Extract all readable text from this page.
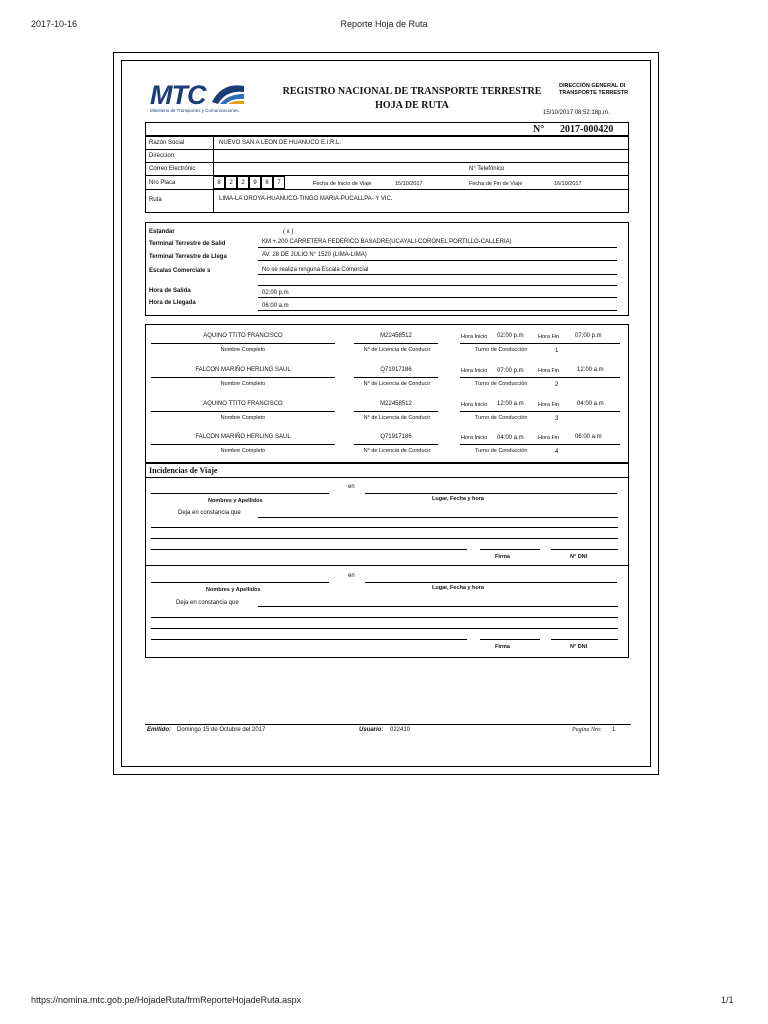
2017-10-16	Reporte Hoja de Ruta
https://nomina.mtc.gob.pe/HojadeRuta/frmReporteHojadeRuta.aspx	1/1
MTC
Ministerio de Transportes y Comunicaciones
REGISTRO NACIONAL DE TRANSPORTE TERRESTRE
HOJA DE RUTA
DIRECCIÓN GENERAL DI
TRANSPORTE TERRESTR
15/10/2017 08:52:18p.m.
N° 2017-000420
Razón Social	NUEVO SAN A LEON DE HUANUCO E.I.R.L.
Direccion
Correo Electrónic	N° Telefónico
Nro Placa	8	2	2	9	6	7	Fecha de Inicio de Viaje	15/10/2017	Fecha de Fin de Viaje	16/10/2017
Ruta	LIMA-LA OROYA-HUANUCO-TINGO MARIA-PUCALLPA- Y VIC.
Estandar	( x )
Terminal Terrestre de Salid	KM +.200 CARRETERA FEDERICO BASADRE(UCAYALI-CORONEL PORTILLO-CALLERIA)
Terminal Terrestre de Llega	AV. 28 DE JULIO N° 1520 (LIMA-LIMA)
Escalas Comerciale s	No se realiza ninguna Escala Comercial
Hora de Salida	02:00 p.m
Hora de Llegada	06:00 a.m
AQUINO TTITO FRANCISCO
Nombre Completo
M22458512
N° de Licencia de Conducir
Hora Inicio 02:00 p.m	Hora Fin	07:00 p.m
Turno de Conducción	1
FALCON MARIÑO HERLING SAUL
Nombre Completo
Q71917186
N° de Licencia de Conducir
Hora Inicio 07:00 p.m	Hora Fin	12:00 a.m
Turno de Conducción	2
AQUINO TTITO FRANCISCO
Nombre Completo
M22458512
N° de Licencia de Conducir
Hora Inicio 12:00 a.m	Hora Fin	04:00 a.m
Turno de Conducción	3
FALCON MARIÑO HERLING SAUL
Nombre Completo
Q71917186
N° de Licencia de Conducir
Hora Inicio 04:00 a.m	Hora Fin	06:00 a.m
Turno de Conducción	4
Incidencias de Viaje
en
Nombres y Apellidos	Lugar, Fecha y hora
Deja en constancia que
Firma	N° DNI
en
Nombres y Apellidos	Lugar, Fecha y hora
Deja en constancia que
Firma	N° DNI
Emitido: Domingo 15 de Octubre del 2017	Usuario: 022410	Pagina Nro: 1
